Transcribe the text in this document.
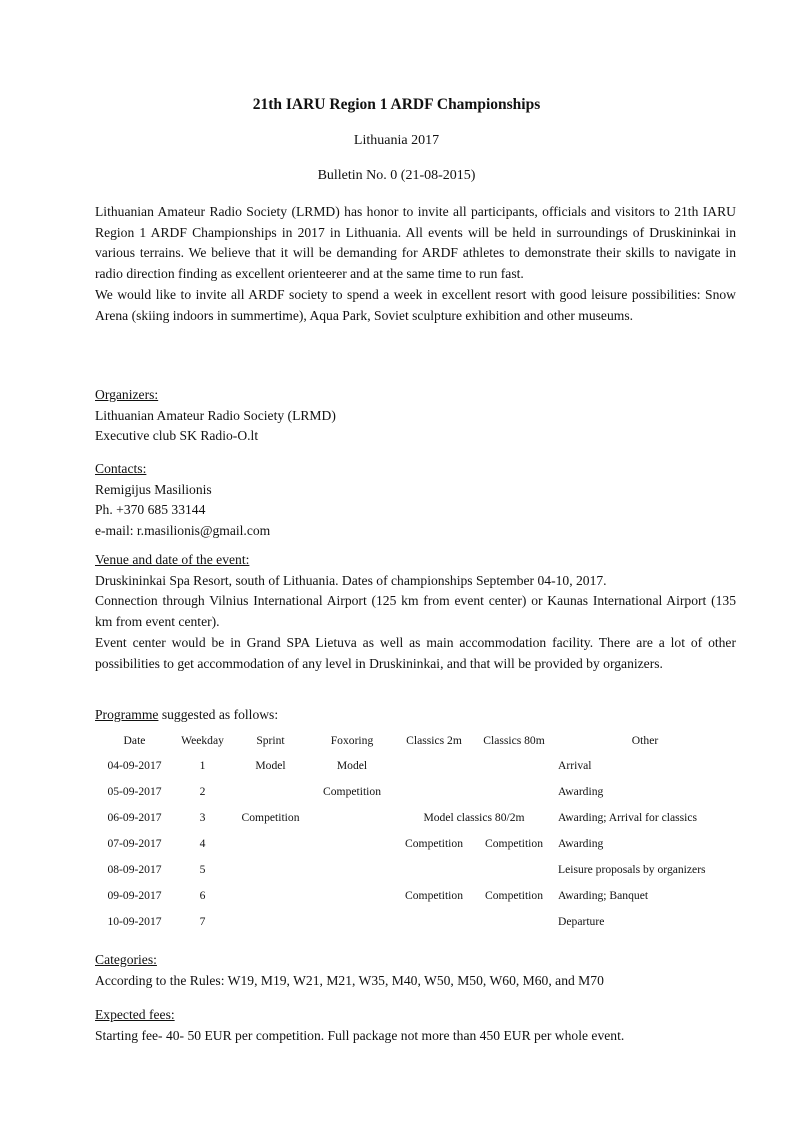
21th IARU Region 1 ARDF Championships
Lithuania 2017
Bulletin No. 0 (21-08-2015)

Lithuanian Amateur Radio Society (LRMD) has honor to invite all participants, officials and visitors to 21th IARU Region 1 ARDF Championships in 2017 in Lithuania. All events will be held in surroundings of Druskininkai in various terrains. We believe that it will be demanding for ARDF athletes to demonstrate their skills to navigate in radio direction finding as excellent orienteerer and at the same time to run fast.

We would like to invite all ARDF society to spend a week in excellent resort with good leisure possibilities: Snow Arena (skiing indoors in summertime), Aqua Park, Soviet sculpture exhibition and other museums.

Organizers:

Lithuanian Amateur Radio Society (LRMD)

Executive club SK Radio-O.lt

Contacts:

Remigijus Masilionis

Ph. +370 685 33144

e-mail: r.masilionis@gmail.com

Venue and date of the event:

Druskininkai Spa Resort, south of Lithuania. Dates of championships September 04-10, 2017.

Connection through Vilnius International Airport (125 km from event center) or Kaunas International Airport (135 km from event center).

Event center would be in Grand SPA Lietuva as well as main accommodation facility. There are a lot of other possibilities to get accommodation of any level in Druskininkai, and that will be provided by organizers.

Programme suggested as follows:
Date	Weekday	Sprint	Foxoring	Classics 2m	Classics 80m	Other
04-09-2017	1	Model	Model			Arrival
05-09-2017	2		Competition			Awarding
06-09-2017	3	Competition		Model classics 80/2m		Awarding; Arrival for classics
07-09-2017	4			Competition	Competition	Awarding
08-09-2017	5					Leisure proposals by organizers
09-09-2017	6			Competition	Competition	Awarding; Banquet
10-09-2017	7					Departure

Categories:

According to the Rules: W19, M19, W21, M21, W35, M40, W50, M50, W60, M60, and M70

Expected fees:

Starting fee- 40- 50 EUR per competition. Full package not more than 450 EUR per whole event.
